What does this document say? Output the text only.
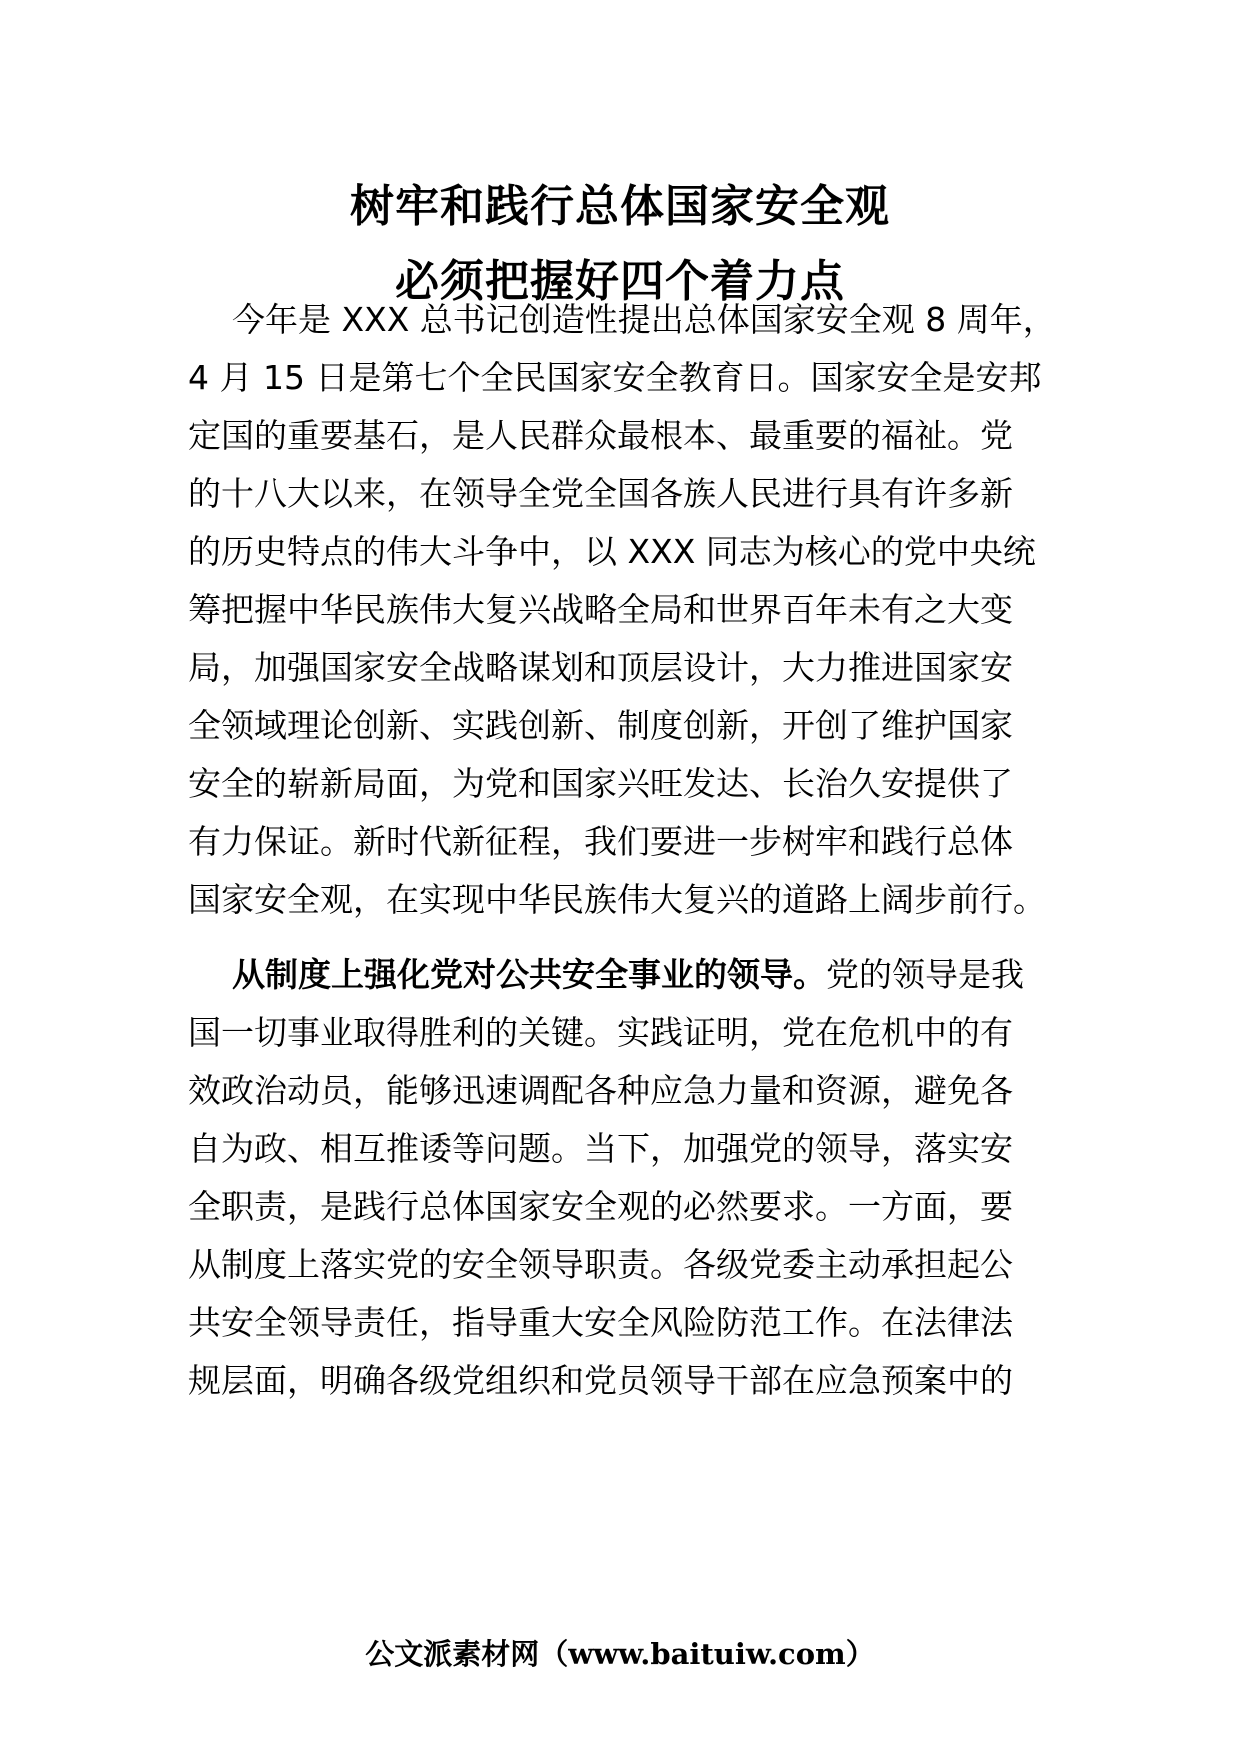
树牢和践行总体国家安全观
必须把握好四个着力点
今年是 XXX 总书记创造性提出总体国家安全观 8 周年，
4 月 15 日是第七个全民国家安全教育日。国家安全是安邦
定国的重要基石，是人民群众最根本、最重要的福祉。党
的十八大以来，在领导全党全国各族人民进行具有许多新
的历史特点的伟大斗争中，以 XXX 同志为核心的党中央统
筹把握中华民族伟大复兴战略全局和世界百年未有之大变
局，加强国家安全战略谋划和顶层设计，大力推进国家安
全领域理论创新、实践创新、制度创新，开创了维护国家
安全的崭新局面，为党和国家兴旺发达、长治久安提供了
有力保证。新时代新征程，我们要进一步树牢和践行总体
国家安全观，在实现中华民族伟大复兴的道路上阔步前行。
从制度上强化党对公共安全事业的领导。党的领导是我
国一切事业取得胜利的关键。实践证明，党在危机中的有
效政治动员，能够迅速调配各种应急力量和资源，避免各
自为政、相互推诿等问题。当下，加强党的领导，落实安
全职责，是践行总体国家安全观的必然要求。一方面，要
从制度上落实党的安全领导职责。各级党委主动承担起公
共安全领导责任，指导重大安全风险防范工作。在法律法
规层面，明确各级党组织和党员领导干部在应急预案中的
公文派素材网（www.baituiw.com）
